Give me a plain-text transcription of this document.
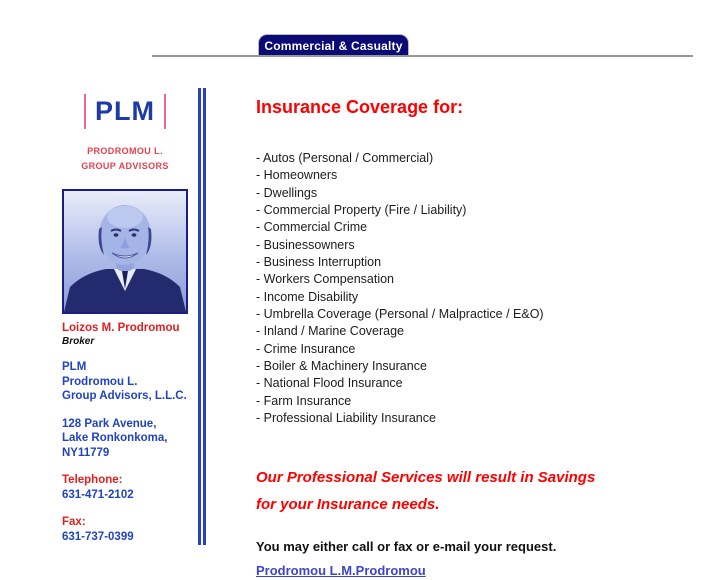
Commercial & Casualty
PLM
PRODROMOU L.
GROUP ADVISORS
Loizos M. Prodromou
Broker
PLM
Prodromou L.
Group Advisors, L.L.C.
128 Park Avenue,
Lake Ronkonkoma,
NY11779
Telephone:
631-471-2102
Fax:
631-737-0399
Insurance Coverage for:
- Autos (Personal / Commercial)
- Homeowners
- Dwellings
- Commercial Property (Fire / Liability)
- Commercial Crime
- Businessowners
- Business Interruption
- Workers Compensation
- Income Disability
- Umbrella Coverage (Personal / Malpractice / E&O)
- Inland / Marine Coverage
- Crime Insurance
- Boiler & Machinery Insurance
- National Flood Insurance
- Farm Insurance
- Professional Liability Insurance
Our Professional Services will result in Savings
for your Insurance needs.
You may either call or fax or e-mail your request.
Prodromou L.M.Prodromou
